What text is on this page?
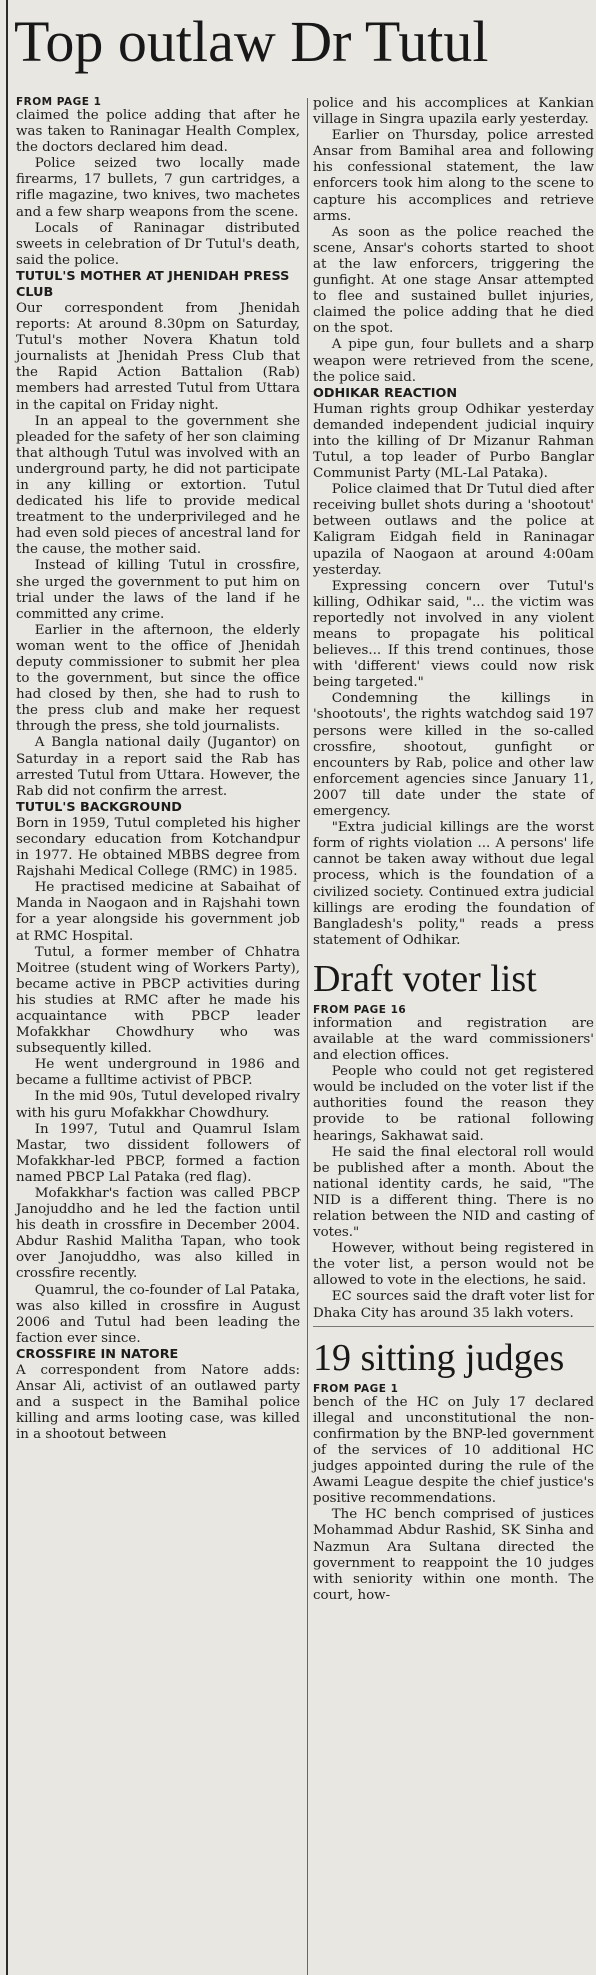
Top outlaw Dr Tutul
FROM PAGE 1

claimed the police adding that after he was taken to Raninagar Health Complex, the doctors declared him dead.

Police seized two locally made firearms, 17 bullets, 7 gun cartridges, a rifle magazine, two knives, two machetes and a few sharp weapons from the scene.

Locals of Raninagar distributed sweets in celebration of Dr Tutul's death, said the police.

TUTUL'S MOTHER AT JHENIDAH PRESS CLUB

Our correspondent from Jhenidah reports: At around 8.30pm on Saturday, Tutul's mother Novera Khatun told journalists at Jhenidah Press Club that the Rapid Action Battalion (Rab) members had arrested Tutul from Uttara in the capital on Friday night.

In an appeal to the government she pleaded for the safety of her son claiming that although Tutul was involved with an underground party, he did not participate in any killing or extortion. Tutul dedicated his life to provide medical treatment to the underprivileged and he had even sold pieces of ancestral land for the cause, the mother said.

Instead of killing Tutul in crossfire, she urged the government to put him on trial under the laws of the land if he committed any crime.

Earlier in the afternoon, the elderly woman went to the office of Jhenidah deputy commissioner to submit her plea to the government, but since the office had closed by then, she had to rush to the press club and make her request through the press, she told journalists.

A Bangla national daily (Jugantor) on Saturday in a report said the Rab has arrested Tutul from Uttara. However, the Rab did not confirm the arrest.

TUTUL'S BACKGROUND

Born in 1959, Tutul completed his higher secondary education from Kotchandpur in 1977. He obtained MBBS degree from Rajshahi Medical College (RMC) in 1985.

He practised medicine at Sabaihat of Manda in Naogaon and in Rajshahi town for a year alongside his government job at RMC Hospital.

Tutul, a former member of Chhatra Moitree (student wing of Workers Party), became active in PBCP activities during his studies at RMC after he made his acquaintance with PBCP leader Mofakkhar Chowdhury who was subsequently killed.

He went underground in 1986 and became a fulltime activist of PBCP.

In the mid 90s, Tutul developed rivalry with his guru Mofakkhar Chowdhury.

In 1997, Tutul and Quamrul Islam Mastar, two dissident followers of Mofakkhar-led PBCP, formed a faction named PBCP Lal Pataka (red flag).

Mofakkhar's faction was called PBCP Janojuddho and he led the faction until his death in crossfire in December 2004. Abdur Rashid Malitha Tapan, who took over Janojuddho, was also killed in crossfire recently.

Quamrul, the co-founder of Lal Pataka, was also killed in crossfire in August 2006 and Tutul had been leading the faction ever since.

CROSSFIRE IN NATORE

A correspondent from Natore adds: Ansar Ali, activist of an outlawed party and a suspect in the Bamihal police killing and arms looting case, was killed in a shootout between

police and his accomplices at Kankian village in Singra upazila early yesterday.

Earlier on Thursday, police arrested Ansar from Bamihal area and following his confessional statement, the law enforcers took him along to the scene to capture his accomplices and retrieve arms.

As soon as the police reached the scene, Ansar's cohorts started to shoot at the law enforcers, triggering the gunfight. At one stage Ansar attempted to flee and sustained bullet injuries, claimed the police adding that he died on the spot.

A pipe gun, four bullets and a sharp weapon were retrieved from the scene, the police said.

ODHIKAR REACTION

Human rights group Odhikar yesterday demanded independent judicial inquiry into the killing of Dr Mizanur Rahman Tutul, a top leader of Purbo Banglar Communist Party (ML-Lal Pataka).

Police claimed that Dr Tutul died after receiving bullet shots during a 'shootout' between outlaws and the police at Kaligram Eidgah field in Raninagar upazila of Naogaon at around 4:00am yesterday.

Expressing concern over Tutul's killing, Odhikar said, "... the victim was reportedly not involved in any violent means to propagate his political believes... If this trend continues, those with 'different' views could now risk being targeted."

Condemning the killings in 'shootouts', the rights watchdog said 197 persons were killed in the so-called crossfire, shootout, gunfight or encounters by Rab, police and other law enforcement agencies since January 11, 2007 till date under the state of emergency.

"Extra judicial killings are the worst form of rights violation ... A persons' life cannot be taken away without due legal process, which is the foundation of a civilized society. Continued extra judicial killings are eroding the foundation of Bangladesh's polity," reads a press statement of Odhikar.

Draft voter list
FROM PAGE 16

information and registration are available at the ward commissioners' and election offices.

People who could not get registered would be included on the voter list if the authorities found the reason they provide to be rational following hearings, Sakhawat said.

He said the final electoral roll would be published after a month. About the national identity cards, he said, "The NID is a different thing. There is no relation between the NID and casting of votes."

However, without being registered in the voter list, a person would not be allowed to vote in the elections, he said.

EC sources said the draft voter list for Dhaka City has around 35 lakh voters.

19 sitting judges
FROM PAGE 1

bench of the HC on July 17 declared illegal and unconstitutional the non-confirmation by the BNP-led government of the services of 10 additional HC judges appointed during the rule of the Awami League despite the chief justice's positive recommendations.

The HC bench comprised of justices Mohammad Abdur Rashid, SK Sinha and Nazmun Ara Sultana directed the government to reappoint the 10 judges with seniority within one month. The court, how-
